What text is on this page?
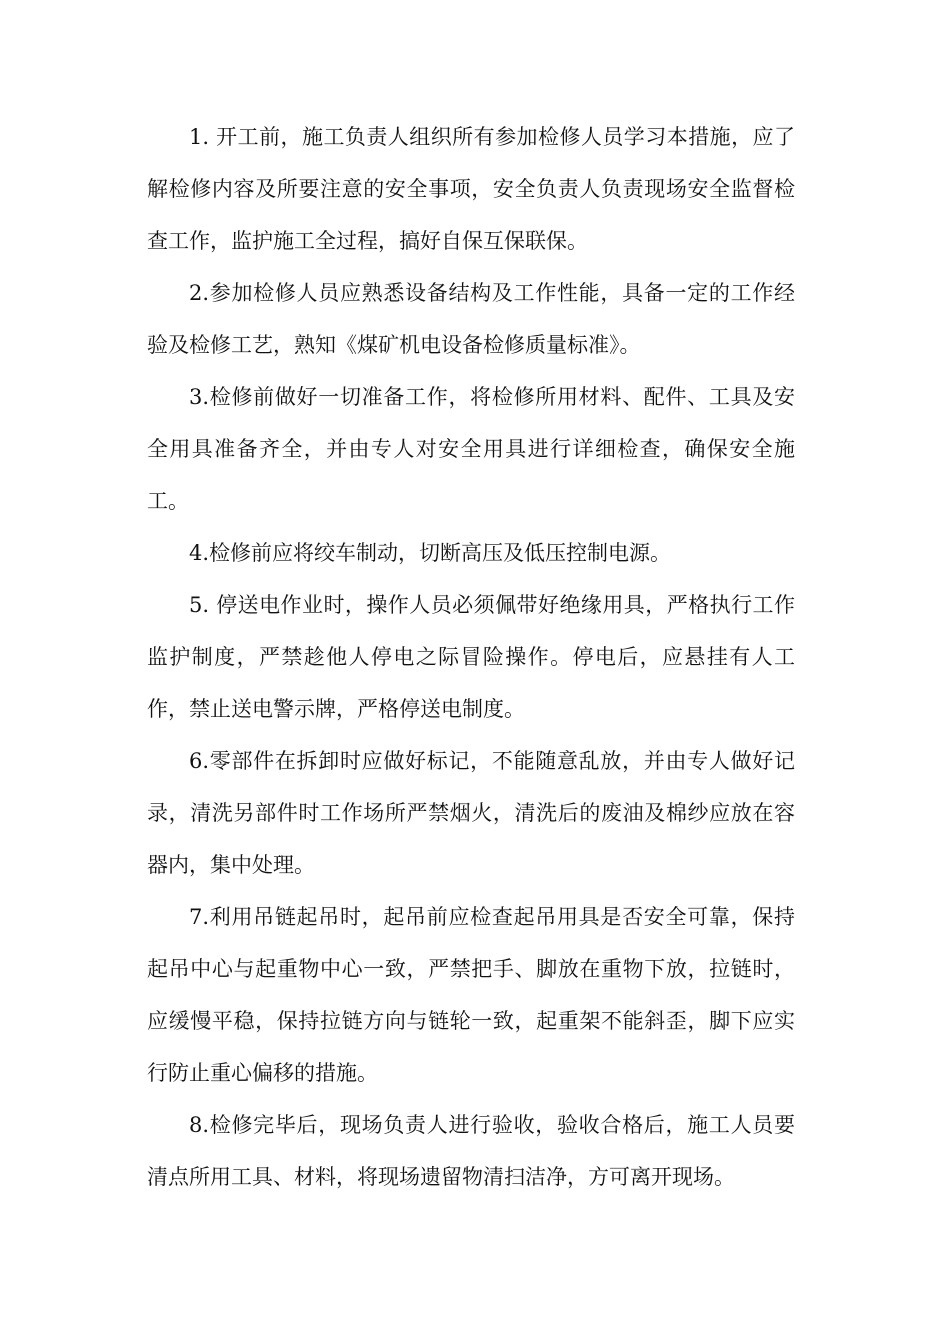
1. 开工前，施工负责人组织所有参加检修人员学习本措施，应了解检修内容及所要注意的安全事项，安全负责人负责现场安全监督检查工作，监护施工全过程，搞好自保互保联保。

2.参加检修人员应熟悉设备结构及工作性能，具备一定的工作经验及检修工艺，熟知《煤矿机电设备检修质量标准》。

3.检修前做好一切准备工作，将检修所用材料、配件、工具及安全用具准备齐全，并由专人对安全用具进行详细检查，确保安全施工。

4.检修前应将绞车制动，切断高压及低压控制电源。

5. 停送电作业时，操作人员必须佩带好绝缘用具，严格执行工作监护制度，严禁趁他人停电之际冒险操作。停电后，应悬挂有人工作，禁止送电警示牌，严格停送电制度。

6.零部件在拆卸时应做好标记，不能随意乱放，并由专人做好记录，清洗另部件时工作场所严禁烟火，清洗后的废油及棉纱应放在容器内，集中处理。

7.利用吊链起吊时，起吊前应检查起吊用具是否安全可靠，保持起吊中心与起重物中心一致，严禁把手、脚放在重物下放，拉链时，应缓慢平稳，保持拉链方向与链轮一致，起重架不能斜歪，脚下应实行防止重心偏移的措施。

8.检修完毕后，现场负责人进行验收，验收合格后，施工人员要清点所用工具、材料，将现场遗留物清扫洁净，方可离开现场。
